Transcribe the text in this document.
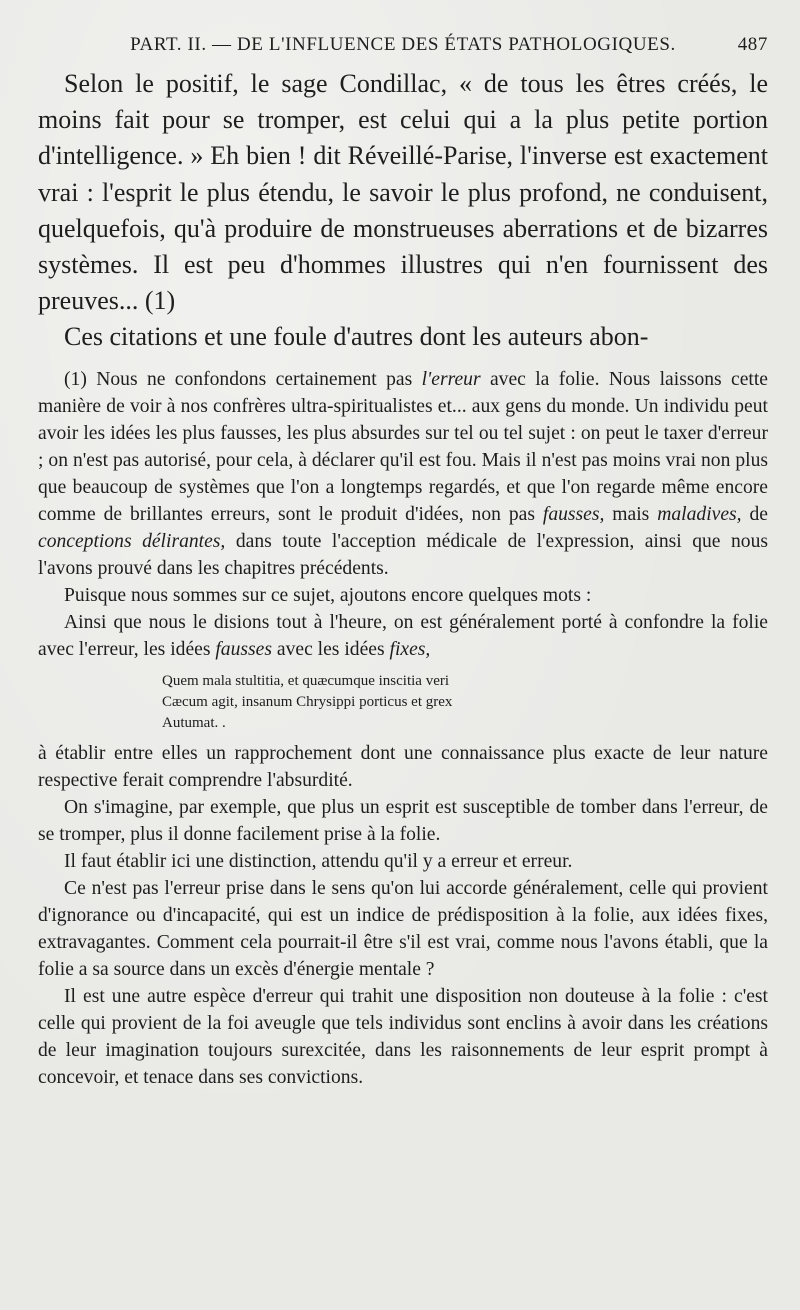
PART. II. — DE L'INFLUENCE DES ÉTATS PATHOLOGIQUES.	487

Selon le positif, le sage Condillac, « de tous les êtres créés, le moins fait pour se tromper, est celui qui a la plus petite portion d'intelligence. » Eh bien ! dit Réveillé-Parise, l'inverse est exactement vrai : l'esprit le plus étendu, le savoir le plus profond, ne conduisent, quelquefois, qu'à produire de monstrueuses aberrations et de bizarres systèmes. Il est peu d'hommes illustres qui n'en fournissent des preuves... (1)

Ces citations et une foule d'autres dont les auteurs abon-

(1) Nous ne confondons certainement pas l'erreur avec la folie. Nous laissons cette manière de voir à nos confrères ultra-spiritualistes et... aux gens du monde. Un individu peut avoir les idées les plus fausses, les plus absurdes sur tel ou tel sujet : on peut le taxer d'erreur ; on n'est pas autorisé, pour cela, à déclarer qu'il est fou. Mais il n'est pas moins vrai non plus que beaucoup de systèmes que l'on a longtemps regardés, et que l'on regarde même encore comme de brillantes erreurs, sont le produit d'idées, non pas fausses, mais maladives, de conceptions délirantes, dans toute l'acception médicale de l'expression, ainsi que nous l'avons prouvé dans les chapitres précédents.

Puisque nous sommes sur ce sujet, ajoutons encore quelques mots :

Ainsi que nous le disions tout à l'heure, on est généralement porté à confondre la folie avec l'erreur, les idées fausses avec les idées fixes,

Quem mala stultitia, et quæcumque inscitia veri
Cæcum agit, insanum Chrysippi porticus et grex
Autumat. .

à établir entre elles un rapprochement dont une connaissance plus exacte de leur nature respective ferait comprendre l'absurdité.

On s'imagine, par exemple, que plus un esprit est susceptible de tomber dans l'erreur, de se tromper, plus il donne facilement prise à la folie.

Il faut établir ici une distinction, attendu qu'il y a erreur et erreur.

Ce n'est pas l'erreur prise dans le sens qu'on lui accorde généralement, celle qui provient d'ignorance ou d'incapacité, qui est un indice de prédisposition à la folie, aux idées fixes, extravagantes. Comment cela pourrait-il être s'il est vrai, comme nous l'avons établi, que la folie a sa source dans un excès d'énergie mentale ?

Il est une autre espèce d'erreur qui trahit une disposition non douteuse à la folie : c'est celle qui provient de la foi aveugle que tels individus sont enclins à avoir dans les créations de leur imagination toujours surexcitée, dans les raisonnements de leur esprit prompt à concevoir, et tenace dans ses convictions.
